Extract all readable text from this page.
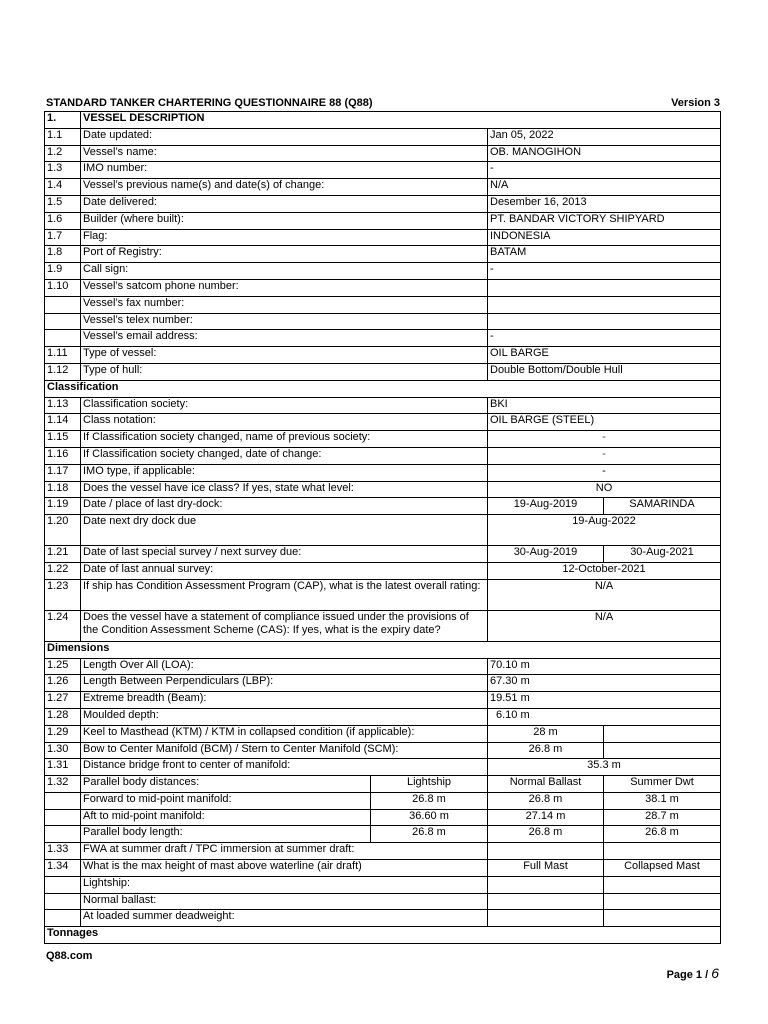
STANDARD TANKER CHARTERING QUESTIONNAIRE 88 (Q88)	Version 3
1.	VESSEL DESCRIPTION			
1.1	Date updated:		Jan 05, 2022	
1.2	Vessel’s name:		OB. MANOGIHON	
1.3	IMO number:		-	
1.4	Vessel’s previous name(s) and date(s) of change:		N/A	
1.5	Date delivered:		Desember 16, 2013	
1.6	Builder (where built):		PT. BANDAR VICTORY SHIPYARD	
1.7	Flag:		INDONESIA	
1.8	Port of Registry:		BATAM	
1.9	Call sign:		-	
1.10	Vessel’s satcom phone number:			
	Vessel’s fax number:			
	Vessel’s telex number:			
	Vessel’s email address:		-	
1.11	Type of vessel:		OIL BARGE	
1.12	Type of hull:		Double Bottom/Double Hull	
Classification				
1.13	Classification society:		BKI	
1.14	Class notation:		OIL BARGE (STEEL)	
1.15	If Classification society changed, name of previous society:		-	
1.16	If Classification society changed, date of change:		-	
1.17	IMO type, if applicable:		-	
1.18	Does the vessel have ice class? If yes, state what level:		NO	
1.19	Date / place of last dry-dock:		19-Aug-2019	SAMARINDA
1.20	Date next dry dock due		19-Aug-2022	
1.21	Date of last special survey / next survey due:		30-Aug-2019	30-Aug-2021
1.22	Date of last annual survey:		12-October-2021	
1.23	If ship has Condition Assessment Program (CAP), what is the latest overall rating:		N/A	
1.24	Does the vessel have a statement of compliance issued under the provisions of the Condition Assessment Scheme (CAS): If yes, what is the expiry date?		N/A	
Dimensions				
1.25	Length Over All (LOA):		70.10 m	
1.26	Length Between Perpendiculars (LBP):		67.30 m	
1.27	Extreme breadth (Beam):		19.51 m	
1.28	Moulded depth:		6.10 m	
1.29	Keel to Masthead (KTM) / KTM in collapsed condition (if applicable):		28 m	
1.30	Bow to Center Manifold (BCM) / Stern to Center Manifold (SCM):		26.8 m	
1.31	Distance bridge front to center of manifold:		35.3 m	
1.32	Parallel body distances:	Lightship	Normal Ballast	Summer Dwt
	Forward to mid-point manifold:	26.8 m	26.8 m	38.1 m
	Aft to mid-point manifold:	36.60 m	27.14 m	28.7 m
	Parallel body length:	26.8 m	26.8 m	26.8 m
1.33	FWA at summer draft / TPC immersion at summer draft:			
1.34	What is the max height of mast above waterline (air draft)		Full Mast	Collapsed Mast
	Lightship:			
	Normal ballast:			
	At loaded summer deadweight:			
Tonnages				
Q88.com
Page 1 / 6
